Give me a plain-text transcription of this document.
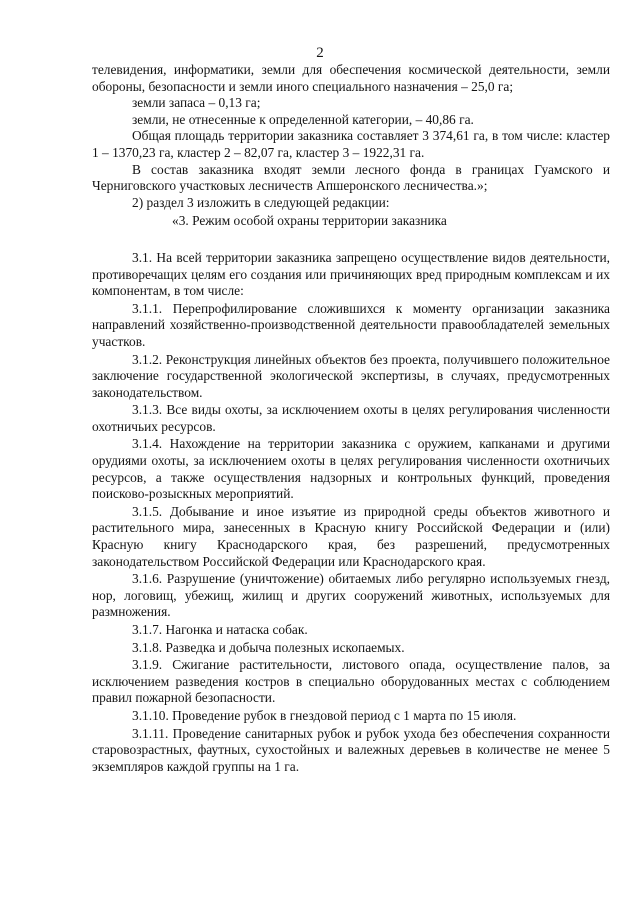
2

телевидения, информатики, земли для обеспечения космической деятельности, земли обороны, безопасности и земли иного специального назначения – 25,0 га;

земли запаса – 0,13 га;

земли, не отнесенные к определенной категории, – 40,86 га.

Общая площадь территории заказника составляет 3 374,61 га, в том числе: кластер 1 – 1370,23 га, кластер 2 – 82,07 га, кластер 3 – 1922,31 га.

В состав заказника входят земли лесного фонда в границах Гуамского и Черниговского участковых лесничеств Апшеронского лесничества.»;

2) раздел 3 изложить в следующей редакции:

«3. Режим особой охраны территории заказника

3.1. На всей территории заказника запрещено осуществление видов деятельности, противоречащих целям его создания или причиняющих вред природным комплексам и их компонентам, в том числе:

3.1.1. Перепрофилирование сложившихся к моменту организации заказника направлений хозяйственно-производственной деятельности правообладателей земельных участков.

3.1.2. Реконструкция линейных объектов без проекта, получившего положительное заключение государственной экологической экспертизы, в случаях, предусмотренных законодательством.

3.1.3. Все виды охоты, за исключением охоты в целях регулирования численности охотничьих ресурсов.

3.1.4. Нахождение на территории заказника с оружием, капканами и другими орудиями охоты, за исключением охоты в целях регулирования численности охотничьих ресурсов, а также осуществления надзорных и контрольных функций, проведения поисково-розыскных мероприятий.

3.1.5. Добывание и иное изъятие из природной среды объектов животного и растительного мира, занесенных в Красную книгу Российской Федерации и (или) Красную книгу Краснодарского края, без разрешений, предусмотренных законодательством Российской Федерации или Краснодарского края.

3.1.6. Разрушение (уничтожение) обитаемых либо регулярно используемых гнезд, нор, логовищ, убежищ, жилищ и других сооружений животных, используемых для размножения.

3.1.7. Нагонка и натаска собак.

3.1.8. Разведка и добыча полезных ископаемых.

3.1.9. Сжигание растительности, листового опада, осуществление палов, за исключением разведения костров в специально оборудованных местах с соблюдением правил пожарной безопасности.

3.1.10. Проведение рубок в гнездовой период с 1 марта по 15 июля.

3.1.11. Проведение санитарных рубок и рубок ухода без обеспечения сохранности старовозрастных, фаутных, сухостойных и валежных деревьев в количестве не менее 5 экземпляров каждой группы на 1 га.
